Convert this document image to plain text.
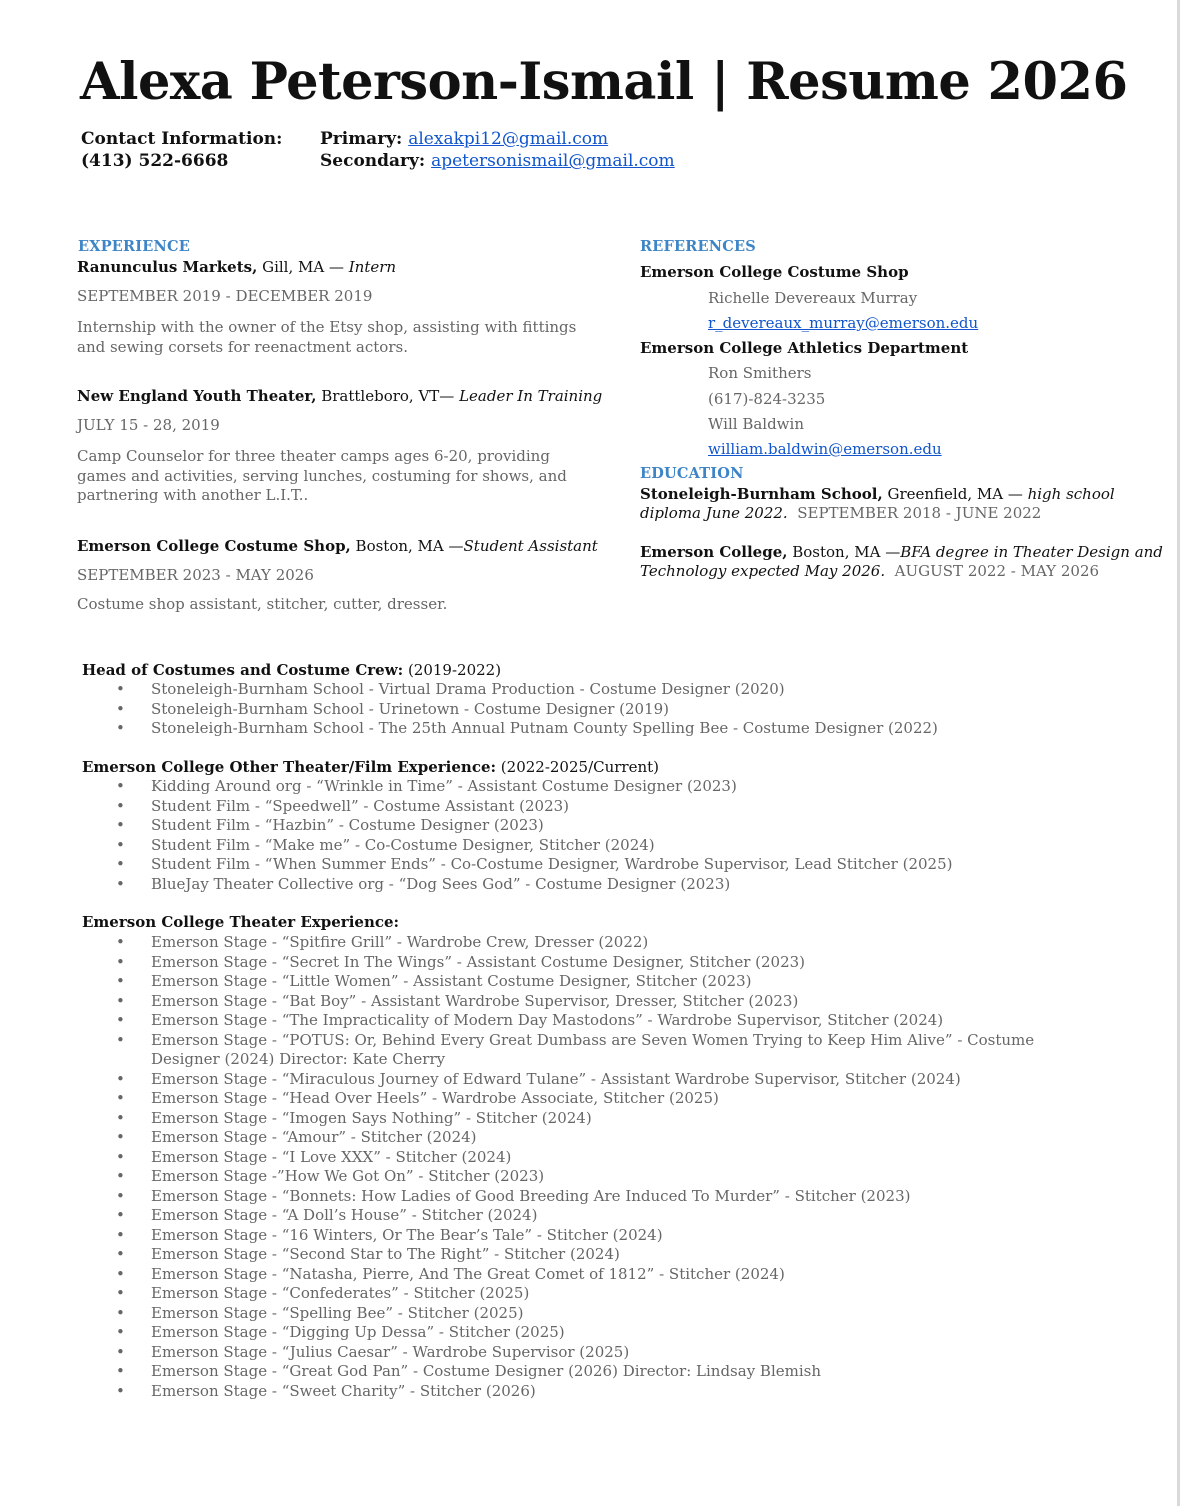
Alexa Peterson-Ismail | Resume 2026
Contact Information:
(413) 522-6668
Primary: alexakpi12@gmail.com
Secondary: apetersonismail@gmail.com
EXPERIENCE
Ranunculus Markets, Gill, MA — Intern
SEPTEMBER 2019 - DECEMBER 2019
Internship with the owner of the Etsy shop, assisting with fittings and sewing corsets for reenactment actors.
New England Youth Theater, Brattleboro, VT— Leader In Training
JULY 15 - 28, 2019
Camp Counselor for three theater camps ages 6-20, providing games and activities, serving lunches, costuming for shows, and partnering with another L.I.T..
Emerson College Costume Shop, Boston, MA —Student Assistant
SEPTEMBER 2023 - MAY 2026
Costume shop assistant, stitcher, cutter, dresser.
REFERENCES
Emerson College Costume Shop
Richelle Devereaux Murray
r_devereaux_murray@emerson.edu
Emerson College Athletics Department
Ron Smithers
(617)-824-3235
Will Baldwin
william.baldwin@emerson.edu
EDUCATION
Stoneleigh-Burnham School, Greenfield, MA — high school
diploma June 2022. SEPTEMBER 2018 - JUNE 2022
Emerson College, Boston, MA —BFA degree in Theater Design and
Technology expected May 2026. AUGUST 2022 - MAY 2026
Head of Costumes and Costume Crew: (2019-2022)
• Stoneleigh-Burnham School - Virtual Drama Production - Costume Designer (2020)
• Stoneleigh-Burnham School - Urinetown - Costume Designer (2019)
• Stoneleigh-Burnham School - The 25th Annual Putnam County Spelling Bee - Costume Designer (2022)
Emerson College Other Theater/Film Experience: (2022-2025/Current)
• Kidding Around org - “Wrinkle in Time” - Assistant Costume Designer (2023)
• Student Film - “Speedwell” - Costume Assistant (2023)
• Student Film - “Hazbin” - Costume Designer (2023)
• Student Film - “Make me” - Co-Costume Designer, Stitcher (2024)
• Student Film - “When Summer Ends” - Co-Costume Designer, Wardrobe Supervisor, Lead Stitcher (2025)
• BlueJay Theater Collective org - “Dog Sees God” - Costume Designer (2023)
Emerson College Theater Experience:
• Emerson Stage - “Spitfire Grill” - Wardrobe Crew, Dresser (2022)
• Emerson Stage - “Secret In The Wings” - Assistant Costume Designer, Stitcher (2023)
• Emerson Stage - “Little Women” - Assistant Costume Designer, Stitcher (2023)
• Emerson Stage - “Bat Boy” - Assistant Wardrobe Supervisor, Dresser, Stitcher (2023)
• Emerson Stage - “The Impracticality of Modern Day Mastodons” - Wardrobe Supervisor, Stitcher (2024)
• Emerson Stage - “POTUS: Or, Behind Every Great Dumbass are Seven Women Trying to Keep Him Alive” - Costume Designer (2024) Director: Kate Cherry
• Emerson Stage - “Miraculous Journey of Edward Tulane” - Assistant Wardrobe Supervisor, Stitcher (2024)
• Emerson Stage - “Head Over Heels” - Wardrobe Associate, Stitcher (2025)
• Emerson Stage - “Imogen Says Nothing” - Stitcher (2024)
• Emerson Stage - “Amour” - Stitcher (2024)
• Emerson Stage - “I Love XXX” - Stitcher (2024)
• Emerson Stage -”How We Got On” - Stitcher (2023)
• Emerson Stage - “Bonnets: How Ladies of Good Breeding Are Induced To Murder” - Stitcher (2023)
• Emerson Stage - “A Doll’s House” - Stitcher (2024)
• Emerson Stage - “16 Winters, Or The Bear’s Tale” - Stitcher (2024)
• Emerson Stage - “Second Star to The Right” - Stitcher (2024)
• Emerson Stage - “Natasha, Pierre, And The Great Comet of 1812” - Stitcher (2024)
• Emerson Stage - “Confederates” - Stitcher (2025)
• Emerson Stage - “Spelling Bee” - Stitcher (2025)
• Emerson Stage - “Digging Up Dessa” - Stitcher (2025)
• Emerson Stage - “Julius Caesar” - Wardrobe Supervisor (2025)
• Emerson Stage - “Great God Pan” - Costume Designer (2026) Director: Lindsay Blemish
• Emerson Stage - “Sweet Charity” - Stitcher (2026)
